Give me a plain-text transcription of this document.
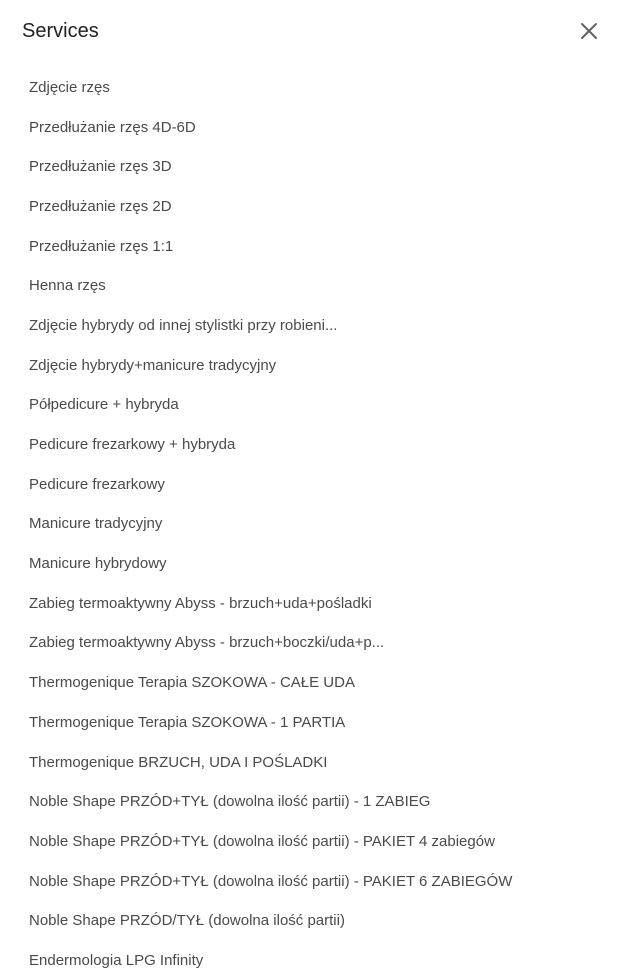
Services
Zdjęcie rzęs
Przedłużanie rzęs 4D-6D
Przedłużanie rzęs 3D
Przedłużanie rzęs 2D
Przedłużanie rzęs 1:1
Henna rzęs
Zdjęcie hybrydy od innej stylistki przy robieni...
Zdjęcie hybrydy+manicure tradycyjny
Półpedicure + hybryda
Pedicure frezarkowy + hybryda
Pedicure frezarkowy
Manicure tradycyjny
Manicure hybrydowy
Zabieg termoaktywny Abyss - brzuch+uda+pośladki
Zabieg termoaktywny Abyss - brzuch+boczki/uda+p...
Thermogenique Terapia SZOKOWA - CAŁE UDA
Thermogenique Terapia SZOKOWA - 1 PARTIA
Thermogenique BRZUCH, UDA I POŚLADKI
Noble Shape PRZÓD+TYŁ (dowolna ilość partii) - 1 ZABIEG
Noble Shape PRZÓD+TYŁ (dowolna ilość partii) - PAKIET 4 zabiegów
Noble Shape PRZÓD+TYŁ (dowolna ilość partii) - PAKIET 6 ZABIEGÓW
Noble Shape PRZÓD/TYŁ (dowolna ilość partii)
Endermologia LPG Infinity
